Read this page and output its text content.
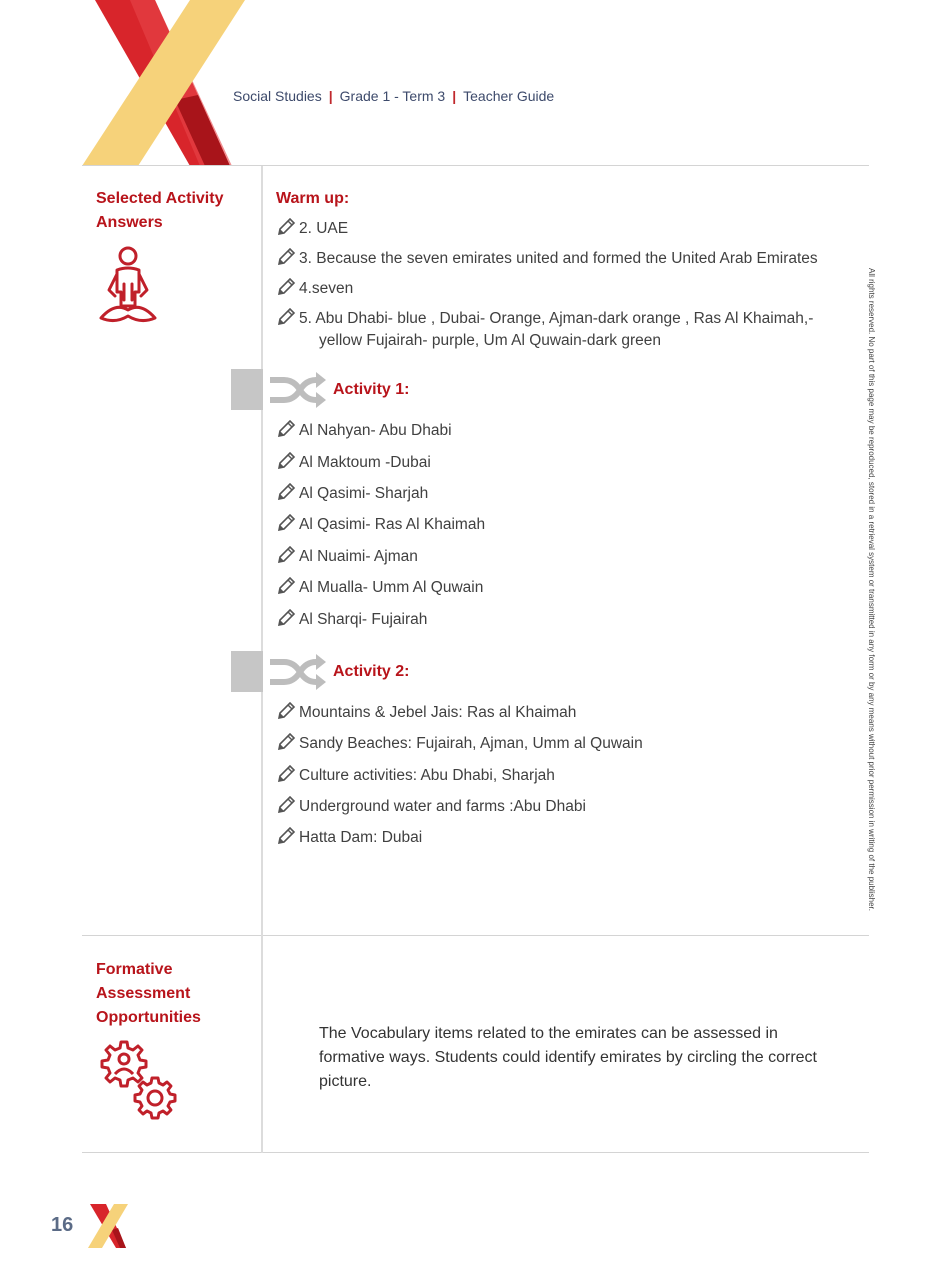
Social Studies | Grade 1 - Term 3 | Teacher Guide
Selected Activity
Answers
Warm up:
2. UAE
3. Because the seven emirates united and formed the United Arab Emirates
4.seven
5. Abu Dhabi- blue , Dubai- Orange, Ajman-dark orange , Ras Al Khaimah,-
yellow Fujairah- purple, Um Al Quwain-dark green
Activity 1:
Al Nahyan- Abu Dhabi
Al Maktoum -Dubai
Al Qasimi- Sharjah
Al Qasimi- Ras Al Khaimah
Al Nuaimi- Ajman
Al Mualla- Umm Al Quwain
Al Sharqi- Fujairah
Activity 2:
Mountains & Jebel Jais: Ras al Khaimah
Sandy Beaches: Fujairah, Ajman, Umm al Quwain
Culture activities: Abu Dhabi, Sharjah
Underground water and farms :Abu Dhabi
Hatta Dam: Dubai
Formative
Assessment
Opportunities
The Vocabulary items related to the emirates can be assessed in formative ways. Students could identify emirates by circling the correct picture.
All rights reserved. No part of this page may be reproduced, stored in a retrieval system or transmitted in any form or by any means without prior permission in writing of the publisher.
16
